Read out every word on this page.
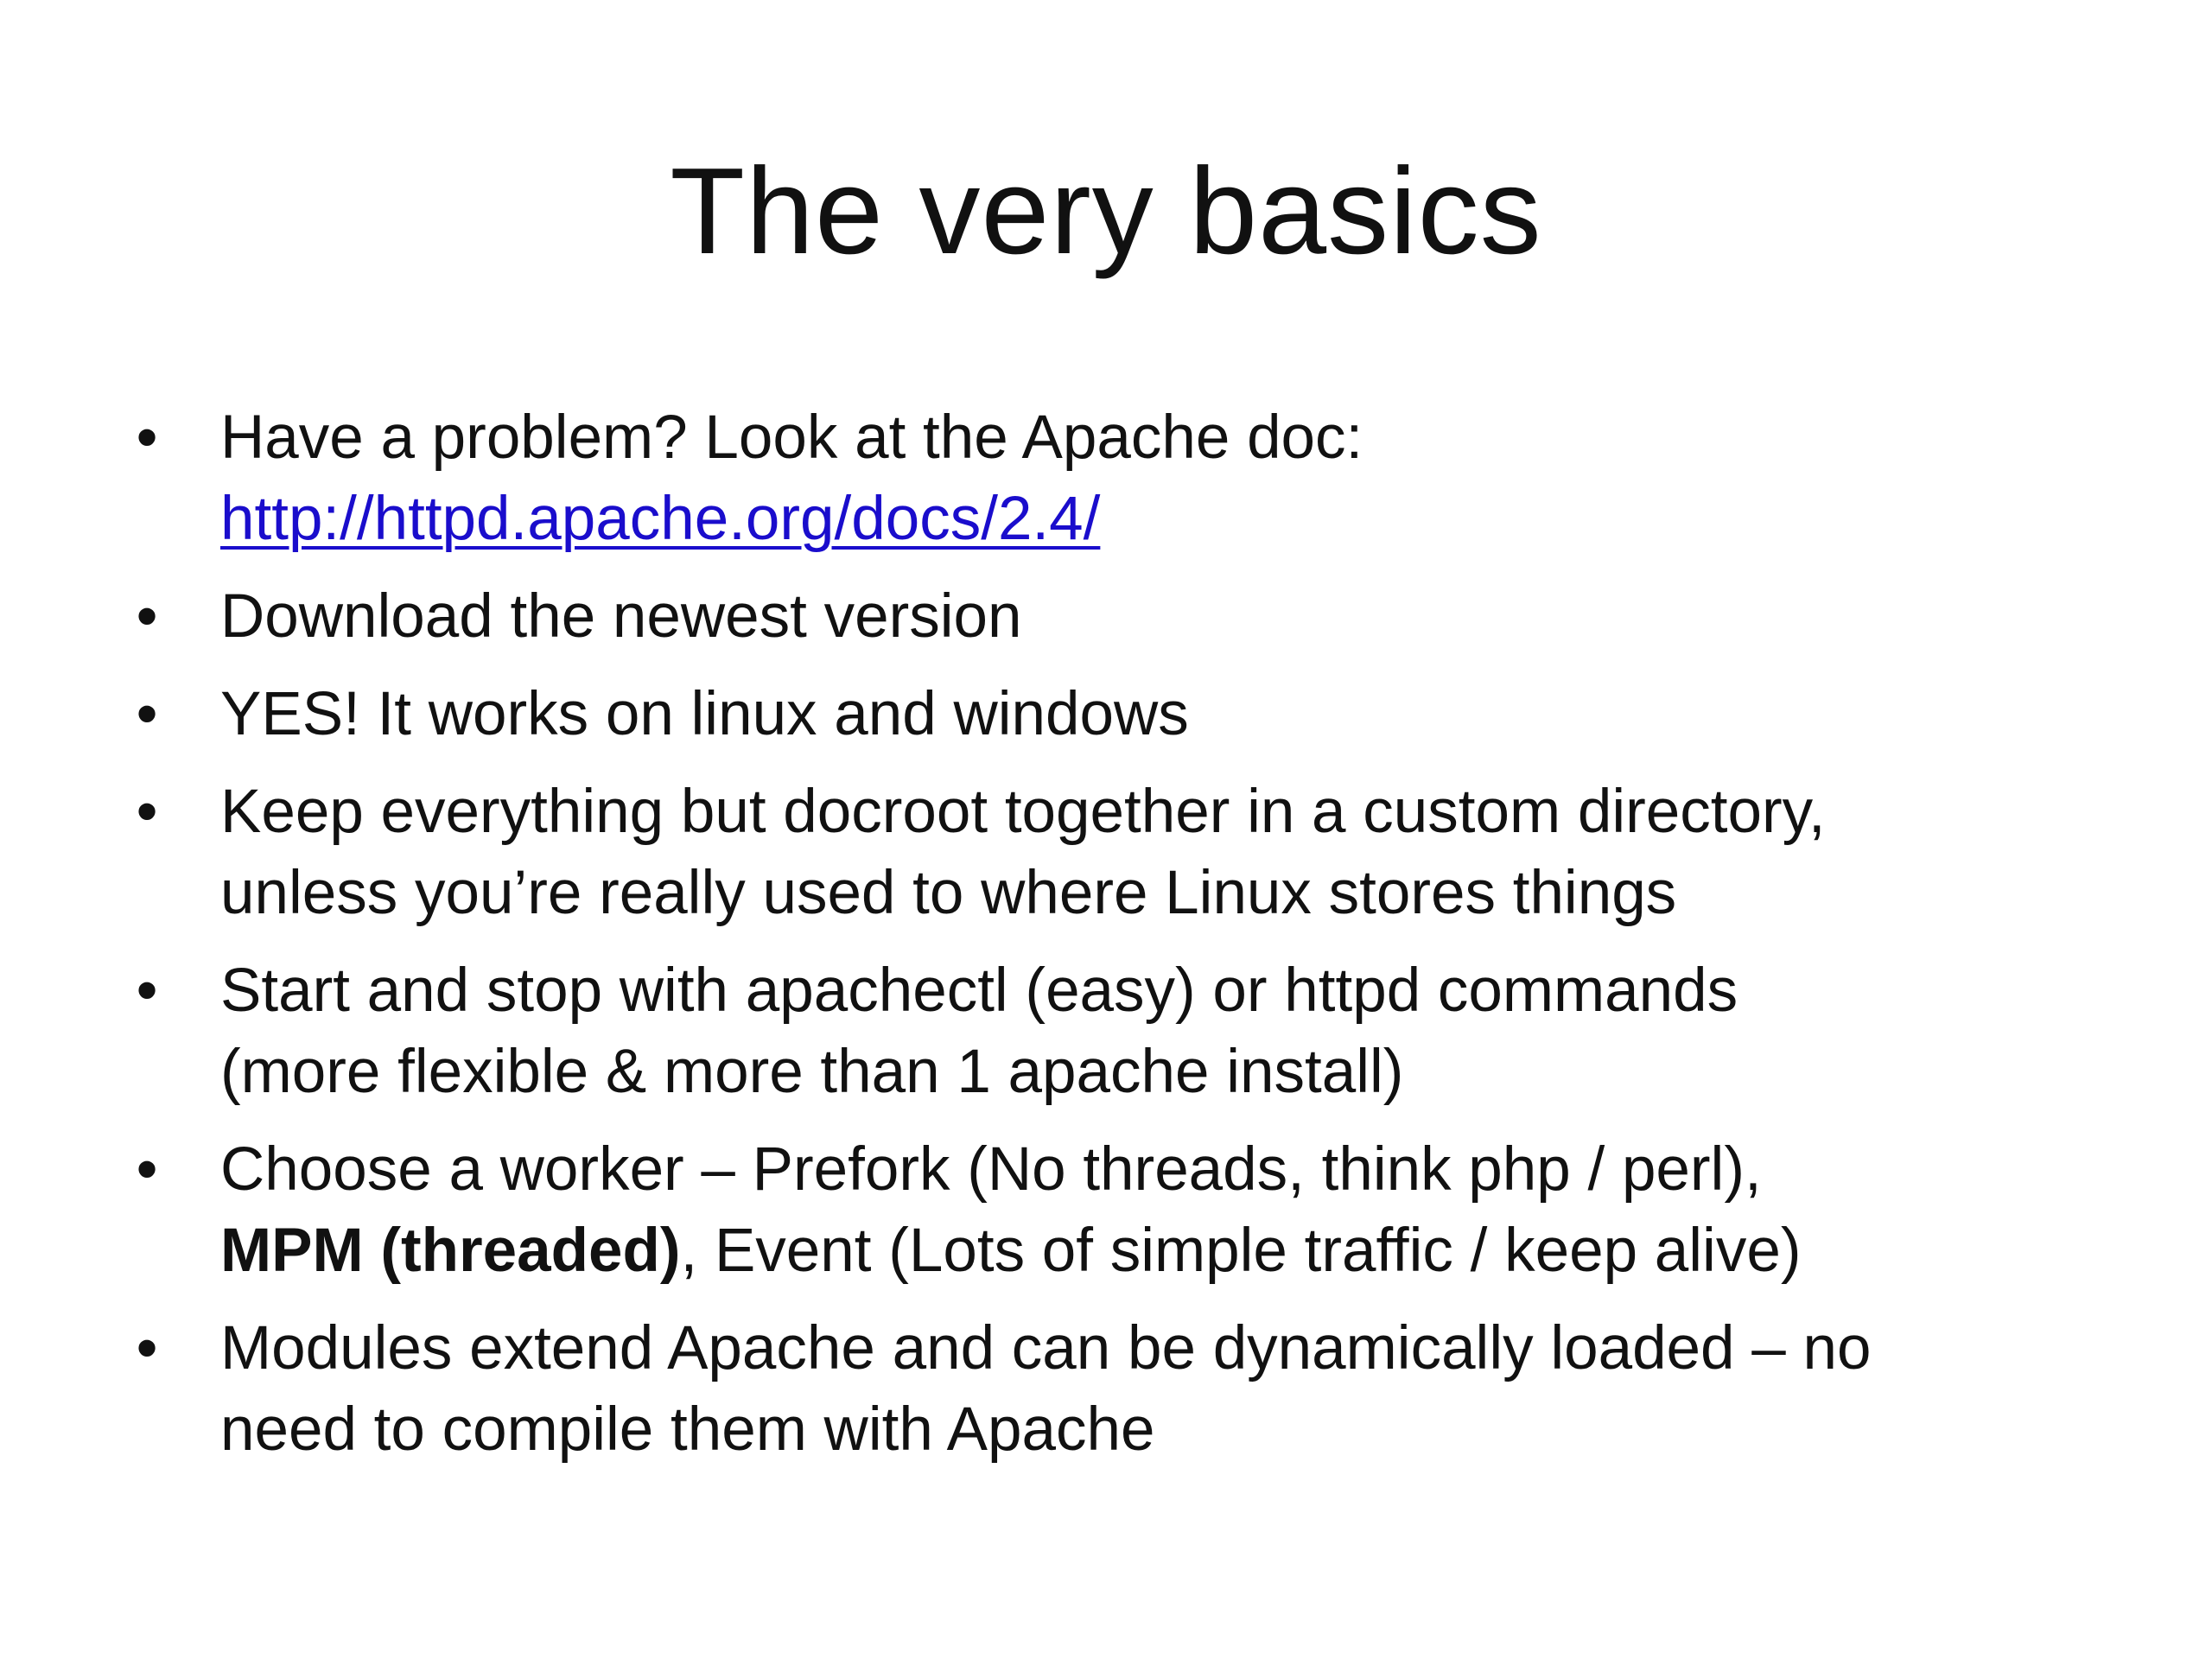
The very basics
• Have a problem? Look at the Apache doc:
http://httpd.apache.org/docs/2.4/
• Download the newest version
• YES! It works on linux and windows
• Keep everything but docroot together in a custom directory,
unless you’re really used to where Linux stores things
• Start and stop with apachectl (easy) or httpd commands
(more flexible & more than 1 apache install)
• Choose a worker – Prefork (No threads, think php / perl),
MPM (threaded), Event (Lots of simple traffic / keep alive)
• Modules extend Apache and can be dynamically loaded – no
need to compile them with Apache
